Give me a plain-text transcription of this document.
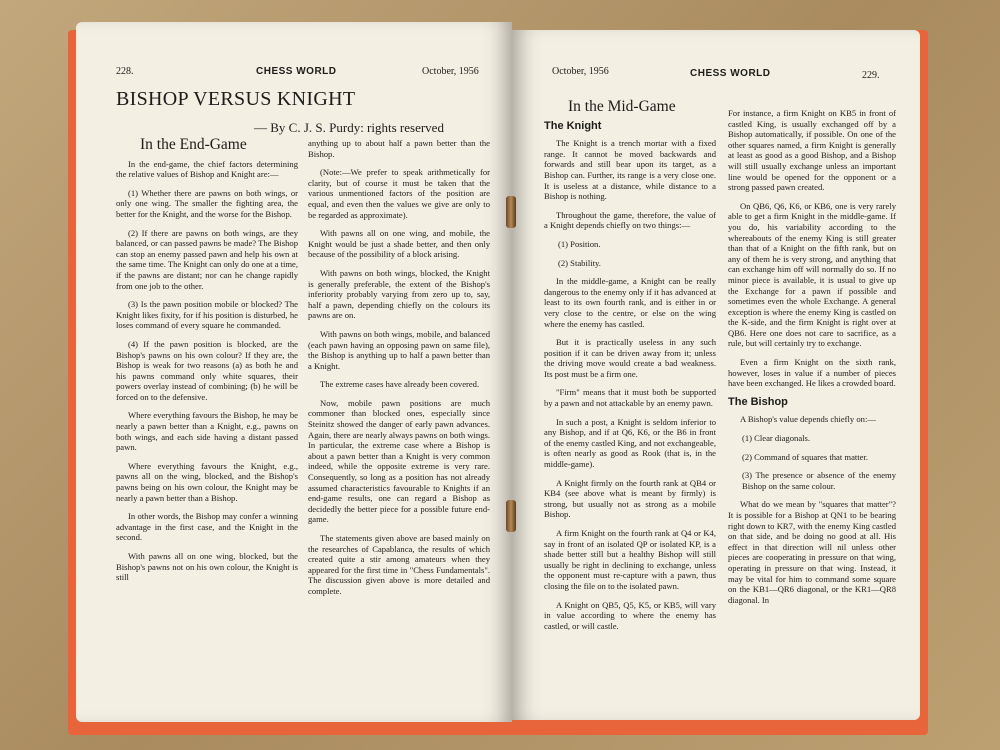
228.	CHESS WORLD	October, 1956
BISHOP VERSUS KNIGHT

— By C. J. S. Purdy: rights reserved

In the End-Game

In the end-game, the chief factors determining the relative values of Bishop and Knight are:—

(1) Whether there are pawns on both wings, or only one wing. The smaller the fighting area, the better for the Knight, and the worse for the Bishop.

(2) If there are pawns on both wings, are they balanced, or can passed pawns be made? The Bishop can stop an enemy passed pawn and help his own at the same time. The Knight can only do one at a time, if the pawns are distant; nor can he change rapidly from one job to the other.

(3) Is the pawn position mobile or blocked? The Knight likes fixity, for if his position is disturbed, he loses command of every square he commanded.

(4) If the pawn position is blocked, are the Bishop's pawns on his own colour? If they are, the Bishop is weak for two reasons (a) as both he and his pawns command only white squares, their powers overlay instead of combining; (b) he will be forced on to the defensive.

Where everything favours the Bishop, he may be nearly a pawn better than a Knight, e.g., pawns on both wings, and each side having a distant passed pawn.

Where everything favours the Knight, e.g., pawns all on the wing, blocked, and the Bishop's pawns being on his own colour, the Knight may be nearly a pawn better than a Bishop.

In other words, the Bishop may confer a winning advantage in the first case, and the Knight in the second.

With pawns all on one wing, blocked, but the Bishop's pawns not on his own colour, the Knight is still

anything up to about half a pawn better than the Bishop.

(Note:—We prefer to speak arithmetically for clarity, but of course it must be taken that the various unmentioned factors of the position are equal, and even then the values we give are only to be regarded as approximate).

With pawns all on one wing, and mobile, the Knight would be just a shade better, and then only because of the possibility of a block arising.

With pawns on both wings, blocked, the Knight is generally preferable, the extent of the Bishop's inferiority probably varying from zero up to, say, half a pawn, depending chiefly on the colours its pawns are on.

With pawns on both wings, mobile, and balanced (each pawn having an opposing pawn on same file), the Bishop is anything up to half a pawn better than a Knight.

The extreme cases have already been covered.

Now, mobile pawn positions are much commoner than blocked ones, especially since Steinitz showed the danger of early pawn advances. Again, there are nearly always pawns on both wings. In particular, the extreme case where a Bishop is about a pawn better than a Knight is very common indeed, while the opposite extreme is very rare. Consequently, so long as a position has not already assumed characteristics favourable to Knights if an end-game results, one can regard a Bishop as decidedly the better piece for a possible future end-game.

The statements given above are based mainly on the researches of Capablanca, the results of which created quite a stir among amateurs when they appeared for the first time in "Chess Fundamentals". The discussion given above is more detailed and complete.

October, 1956	CHESS WORLD	229.
In the Mid-Game
The Knight

The Knight is a trench mortar with a fixed range. It cannot be moved backwards and forwards and still bear upon its target, as a Bishop can. Further, its range is a very close one. It is useless at a distance, while distance to a Bishop is nothing.

Throughout the game, therefore, the value of a Knight depends chiefly on two things:—

(1) Position.

(2) Stability.

In the middle-game, a Knight can be really dangerous to the enemy only if it has advanced at least to its own fourth rank, and is either in or very close to the centre, or else on the wing where the enemy has castled.

But it is practically useless in any such position if it can be driven away from it; unless the driving move would create a bad weakness. Its post must be a firm one.

"Firm" means that it must both be supported by a pawn and not attackable by an enemy pawn.

In such a post, a Knight is seldom inferior to any Bishop, and if at Q6, K6, or the B6 in front of the enemy castled King, and not exchangeable, is often nearly as good as Rook (that is, in the middle-game).

A Knight firmly on the fourth rank at QB4 or KB4 (see above what is meant by firmly) is strong, but usually not as strong as a mobile Bishop.

A firm Knight on the fourth rank at Q4 or K4, say in front of an isolated QP or isolated KP, is a shade better still but a healthy Bishop will still usually be right in declining to exchange, unless the opponent must re-capture with a pawn, thus closing the file on to the isolated pawn.

A Knight on QB5, Q5, K5, or KB5, will vary in value according to where the enemy has castled, or will castle.

For instance, a firm Knight on KB5 in front of castled King, is usually exchanged off by a Bishop automatically, if possible. On one of the other squares named, a firm Knight is generally at least as good as a good Bishop, and a Bishop will still usually exchange unless an important line would be opened for the opponent or a strong passed pawn created.

On QB6, Q6, K6, or KB6, one is very rarely able to get a firm Knight in the middle-game. If you do, his variability according to the whereabouts of the enemy King is still greater than that of a Knight on the fifth rank, but on any of them he is very strong, and anything that can exchange him off will normally do so. If no minor piece is available, it is usual to give up the Exchange for a pawn if possible and sometimes even the whole Exchange. A general exception is where the enemy King is castled on the K-side, and the firm Knight is right over at QB6. Here one does not care to sacrifice, as a rule, but will certainly try to exchange.

Even a firm Knight on the sixth rank, however, loses in value if a number of pieces have been exchanged. He likes a crowded board.

The Bishop

A Bishop's value depends chiefly on:—

(1) Clear diagonals.

(2) Command of squares that matter.

(3) The presence or absence of the enemy Bishop on the same colour.

What do we mean by "squares that matter"? It is possible for a Bishop at QN1 to be bearing right down to KR7, with the enemy King castled on that side, and be doing no good at all. His effect in that direction will nil unless other pieces are cooperating in pressure on that wing, operating in pressure on that wing. Instead, it may be vital for him to command some square on the KB1—QR6 diagonal, or the KR1—QR8 diagonal. In
